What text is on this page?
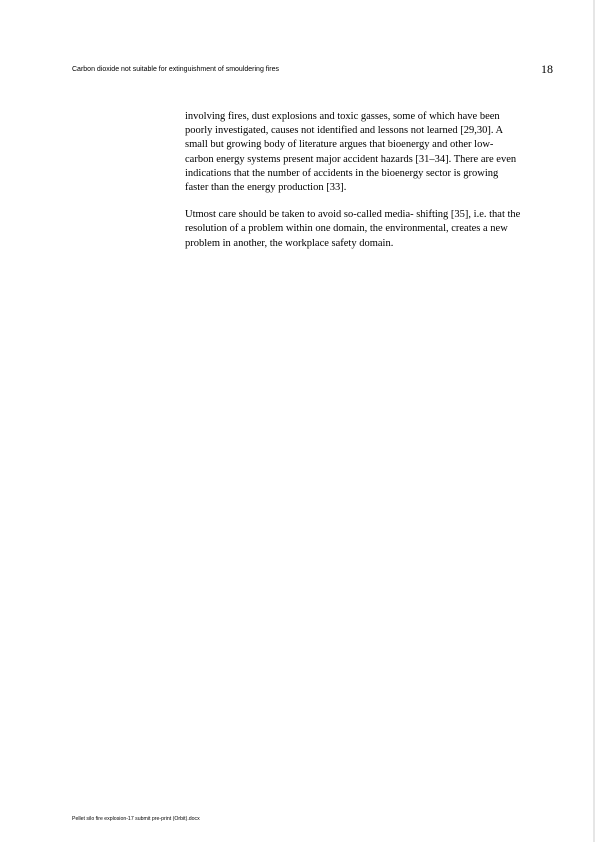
Carbon dioxide not suitable for extinguishment of smouldering fires	18

involving fires, dust explosions and toxic gasses, some of which have been
poorly investigated, causes not identified and lessons not learned [29,30]. A
small but growing body of literature argues that bioenergy and other low-
carbon energy systems present major accident hazards [31–34]. There are even
indications that the number of accidents in the bioenergy sector is growing
faster than the energy production [33].

Utmost care should be taken to avoid so-called media- shifting [35], i.e. that the
resolution of a problem within one domain, the environmental, creates a new
problem in another, the workplace safety domain.

Pellet silo fire explosion-17 submit pre-print (Orbit).docx
